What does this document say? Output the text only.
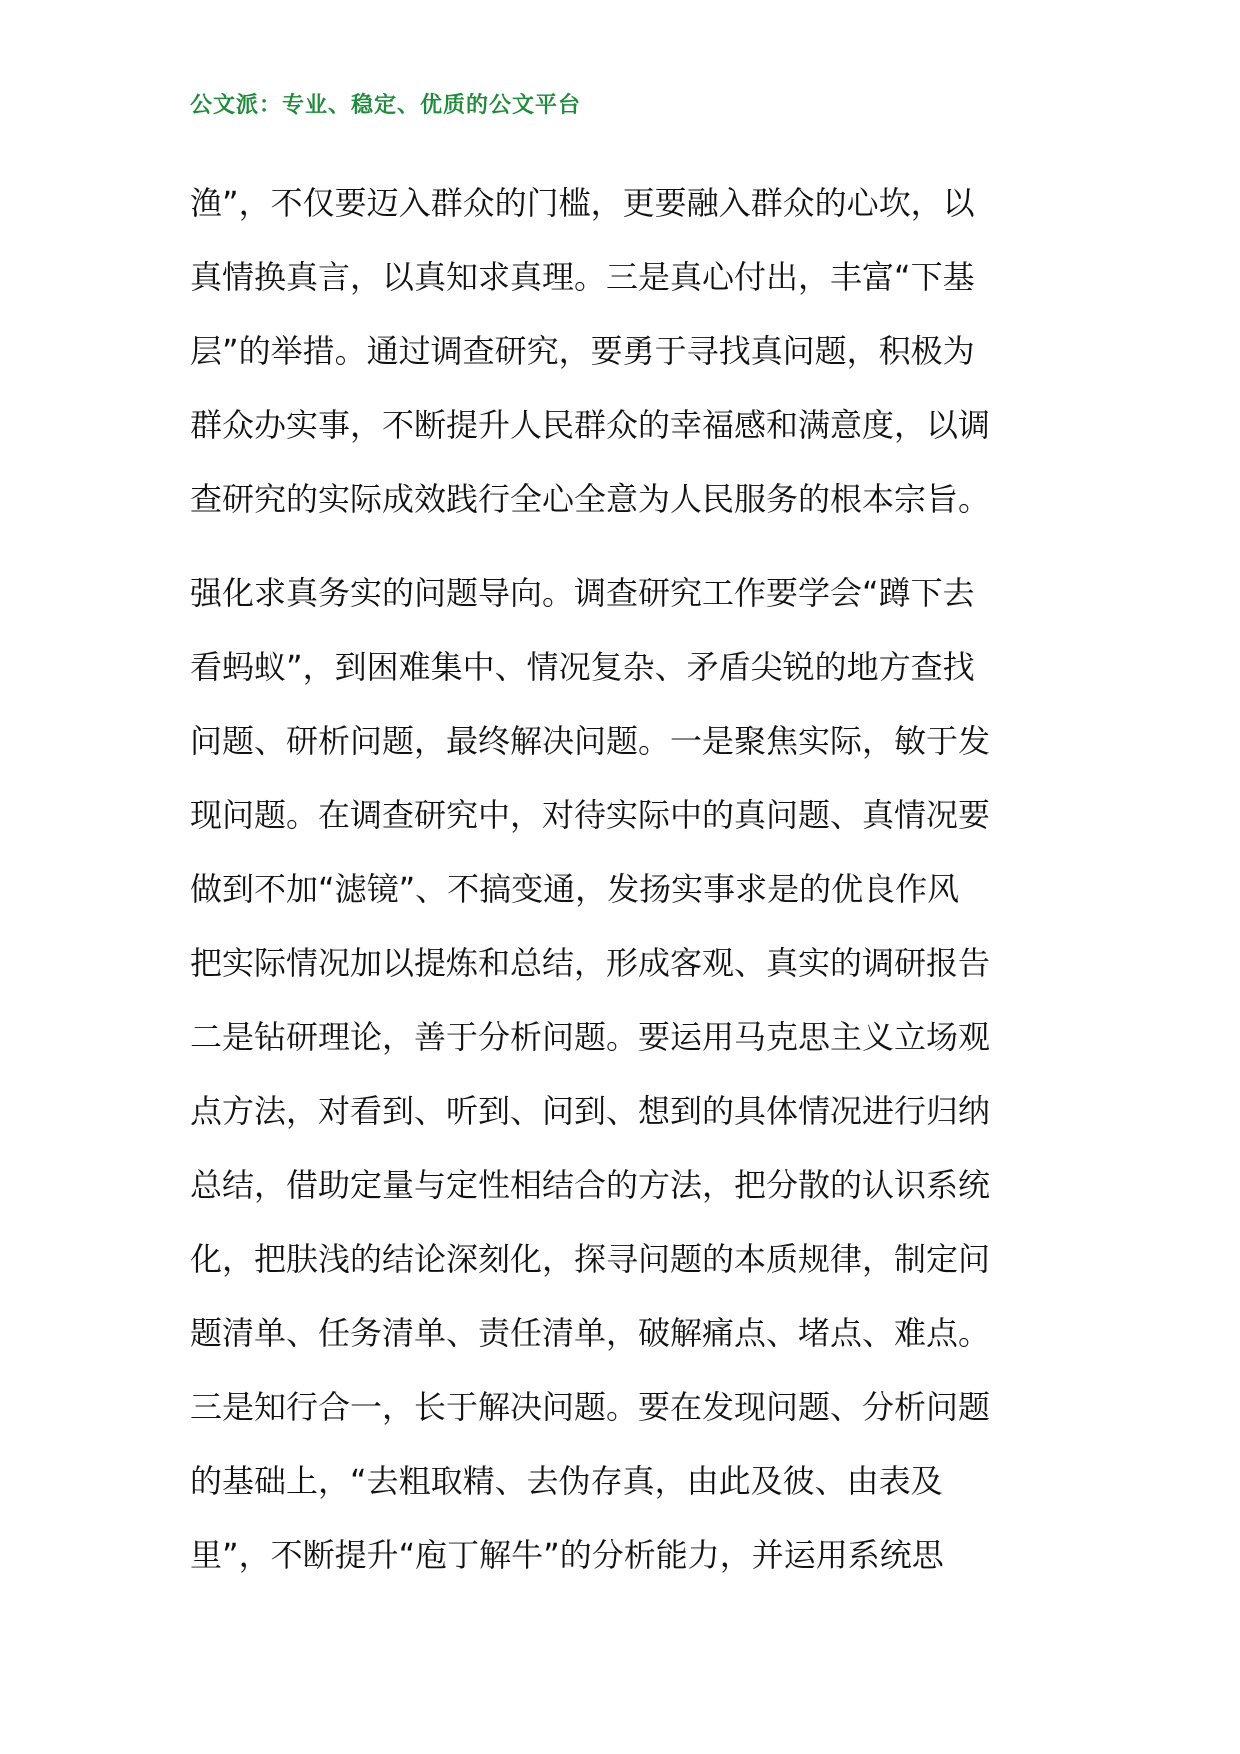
公文派：专业、稳定、优质的公文平台
渔”，不仅要迈入群众的门槛，更要融入群众的心坎，以
真情换真言，以真知求真理。三是真心付出，丰富“下基
层”的举措。通过调查研究，要勇于寻找真问题，积极为
群众办实事，不断提升人民群众的幸福感和满意度，以调
查研究的实际成效践行全心全意为人民服务的根本宗旨。
强化求真务实的问题导向。调查研究工作要学会“蹲下去
看蚂蚁”，到困难集中、情况复杂、矛盾尖锐的地方查找
问题、研析问题，最终解决问题。一是聚焦实际，敏于发
现问题。在调查研究中，对待实际中的真问题、真情况要
做到不加“滤镜”、不搞变通，发扬实事求是的优良作风
把实际情况加以提炼和总结，形成客观、真实的调研报告
二是钻研理论，善于分析问题。要运用马克思主义立场观
点方法，对看到、听到、问到、想到的具体情况进行归纳
总结，借助定量与定性相结合的方法，把分散的认识系统
化，把肤浅的结论深刻化，探寻问题的本质规律，制定问
题清单、任务清单、责任清单，破解痛点、堵点、难点。
三是知行合一，长于解决问题。要在发现问题、分析问题
的基础上，“去粗取精、去伪存真，由此及彼、由表及
里”，不断提升“庖丁解牛”的分析能力，并运用系统思
